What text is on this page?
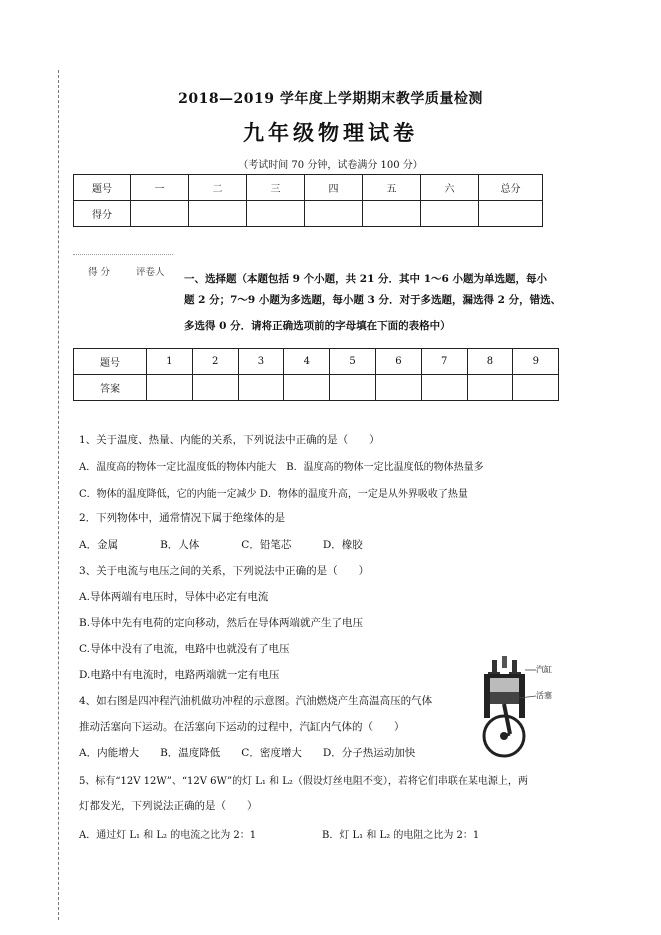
2018—2019 学年度上学期期末教学质量检测
九年级物理试卷
（考试时间 70 分钟，试卷满分 100 分）
题号	一	二	三	四	五	六	总分
得分							
得 分	评卷人
一、选择题（本题包括 9 个小题，共 21 分．其中 1～6 小题为单选题，每小
题 2 分；7～9 小题为多选题，每小题 3 分．对于多选题，漏选得 2 分，错选、
多选得 0 分．请将正确选项前的字母填在下面的表格中）
题号	1	2	3	4	5	6	7	8	9
答案									
1、关于温度、热量、内能的关系，下列说法中正确的是（　　）
A．温度高的物体一定比温度低的物体内能大　B．温度高的物体一定比温度低的物体热量多
C．物体的温度降低，它的内能一定减少 D．物体的温度升高，一定是从外界吸收了热量
2．下列物体中，通常情况下属于绝缘体的是
A．金属　　　　B．人体　　　　C．铅笔芯　　　D．橡胶
3、关于电流与电压之间的关系，下列说法中正确的是（　　）
A.导体两端有电压时，导体中必定有电流
B.导体中先有电荷的定向移动，然后在导体两端就产生了电压
C.导体中没有了电流，电路中也就没有了电压
D.电路中有电流时，电路两端就一定有电压
4、如右图是四冲程汽油机做功冲程的示意图。汽油燃烧产生高温高压的气体
推动活塞向下运动。在活塞向下运动的过程中，汽缸内气体的（　　）
A．内能增大　　B．温度降低　　C．密度增大　　D．分子热运动加快
汽缸
活塞
5、标有“12V 12W”、“12V 6W”的灯 L₁ 和 L₂（假设灯丝电阻不变），若将它们串联在某电源上，两
灯都发光，下列说法正确的是（　　）
A．通过灯 L₁ 和 L₂ 的电流之比为 2：1	B．灯 L₁ 和 L₂ 的电阻之比为 2：1
